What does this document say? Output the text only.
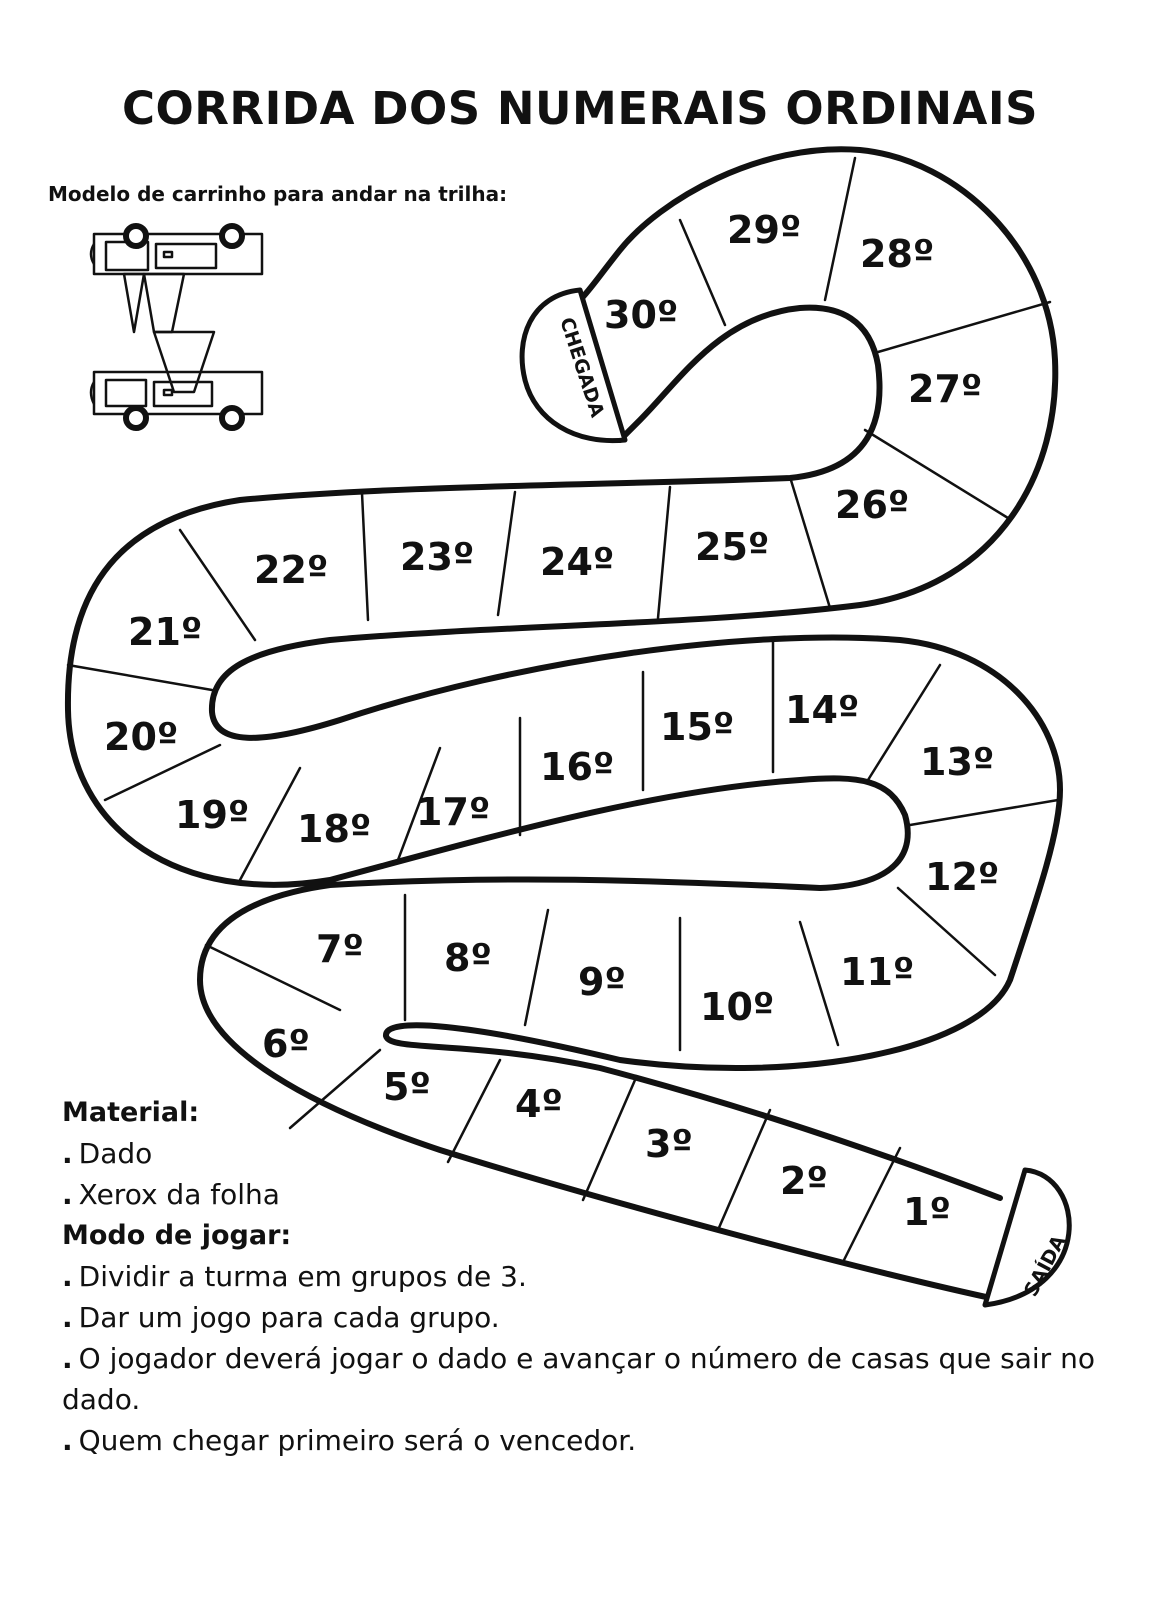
CORRIDA DOS NUMERAIS ORDINAIS
Modelo de carrinho para andar na trilha:
CHEGADA
SAÍDA
1º
2º
3º
4º
5º
6º
7º 8º
9º
10º
11º
12º
13º
14º
15º
16º
17º
18º
19º
20º
21º
22º 23º 24º 25º
26º
27º
28º
29º
30º
Material:
. Dado
. Xerox da folha
Modo de jogar:
. Dividir a turma em grupos de 3.
. Dar um jogo para cada grupo.
. O jogador deverá jogar o dado e avançar o número de casas que sair no dado.
. Quem chegar primeiro será o vencedor.
